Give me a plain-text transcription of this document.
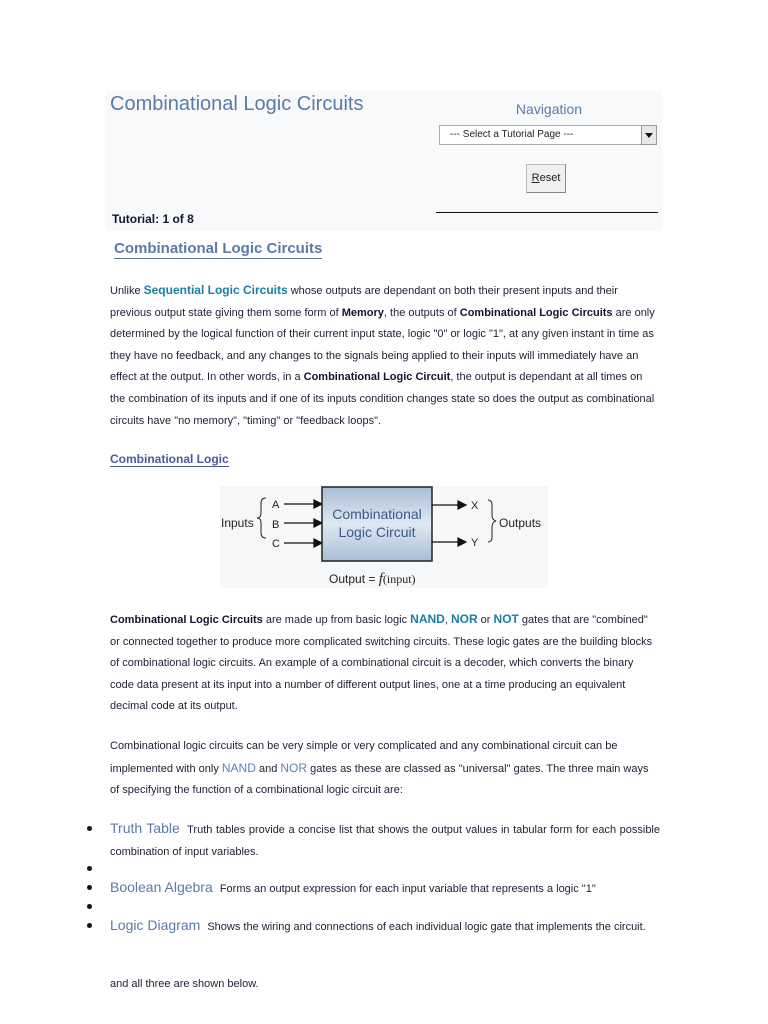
Combinational Logic Circuits
Tutorial: 1 of 8
Navigation
--- Select a Tutorial Page ---
Reset
Combinational Logic Circuits

Unlike Sequential Logic Circuits whose outputs are dependant on both their present inputs and their previous output state giving them some form of Memory, the outputs of Combinational Logic Circuits are only determined by the logical function of their current input state, logic "0" or logic "1", at any given instant in time as they have no feedback, and any changes to the signals being applied to their inputs will immediately have an effect at the output. In other words, in a Combinational Logic Circuit, the output is dependant at all times on the combination of its inputs and if one of its inputs condition changes state so does the output as combinational circuits have "no memory", "timing" or "feedback loops".

Combinational Logic
Inputs
A
B
C
Combinational
Logic Circuit
X
Y
Outputs
Output = f(input)

Combinational Logic Circuits are made up from basic logic NAND, NOR or NOT gates that are "combined" or connected together to produce more complicated switching circuits. These logic gates are the building blocks of combinational logic circuits. An example of a combinational circuit is a decoder, which converts the binary code data present at its input into a number of different output lines, one at a time producing an equivalent decimal code at its output.

Combinational logic circuits can be very simple or very complicated and any combinational circuit can be implemented with only NAND and NOR gates as these are classed as "universal" gates. The three main ways of specifying the function of a combinational logic circuit are:

Truth Table Truth tables provide a concise list that shows the output values in tabular form for each possible combination of input variables.
Boolean Algebra Forms an output expression for each input variable that represents a logic "1"
Logic Diagram Shows the wiring and connections of each individual logic gate that implements the circuit.
and all three are shown below.
